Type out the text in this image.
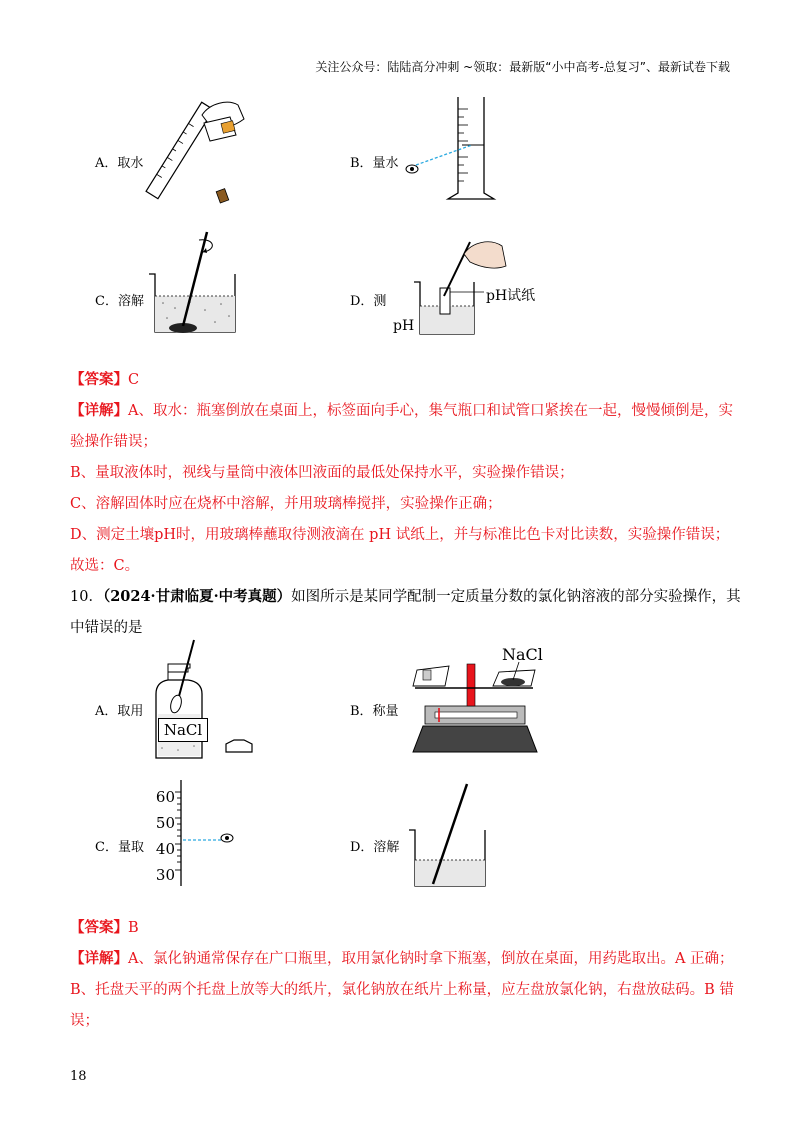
关注公众号：陆陆高分冲刺 ~领取：最新版“小中高考-总复习”、最新试卷下载
A．取水	B．量水
C．溶解	D．测
pH
pH试纸
【答案】C
【详解】A、取水：瓶塞倒放在桌面上，标签面向手心，集气瓶口和试管口紧挨在一起，慢慢倾倒是，实
验操作错误；
B、量取液体时，视线与量筒中液体凹液面的最低处保持水平，实验操作错误；
C、溶解固体时应在烧杯中溶解，并用玻璃棒搅拌，实验操作正确；
D、测定土壤pH时，用玻璃棒蘸取待测液滴在 pH 试纸上，并与标准比色卡对比读数，实验操作错误；
故选：C。
10．（2024·甘肃临夏·中考真题）如图所示是某同学配制一定质量分数的氯化钠溶液的部分实验操作，其
中错误的是
A．取用
NaCl
B．称量
NaCl
C．量取
60
50
40
30
D．溶解
【答案】B
【详解】A、氯化钠通常保存在广口瓶里，取用氯化钠时拿下瓶塞，倒放在桌面，用药匙取出。A 正确；
B、托盘天平的两个托盘上放等大的纸片，氯化钠放在纸片上称量，应左盘放氯化钠，右盘放砝码。B 错
误；
18
